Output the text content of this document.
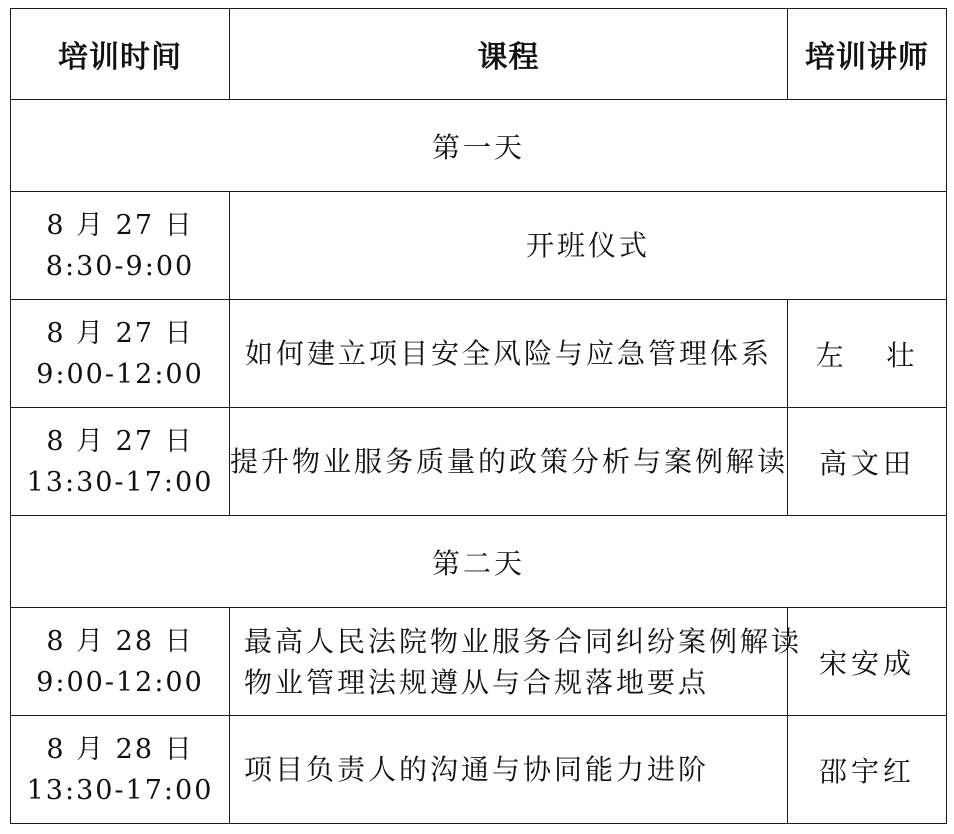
培训时间	课程	培训讲师
第一天		

8 月 27 日
8:30-9:00	开班仪式	

8 月 27 日
9:00-12:00	如何建立项目安全风险与应急管理体系	左   壮

8 月 27 日
13:30-17:00	提升物业服务质量的政策分析与案例解读	高文田
第二天		

8 月 28 日
9:00-12:00	最高人民法院物业服务合同纠纷案例解读
物业管理法规遵从与合规落地要点	宋安成

8 月 28 日
13:30-17:00	项目负责人的沟通与协同能力进阶	邵宇红
